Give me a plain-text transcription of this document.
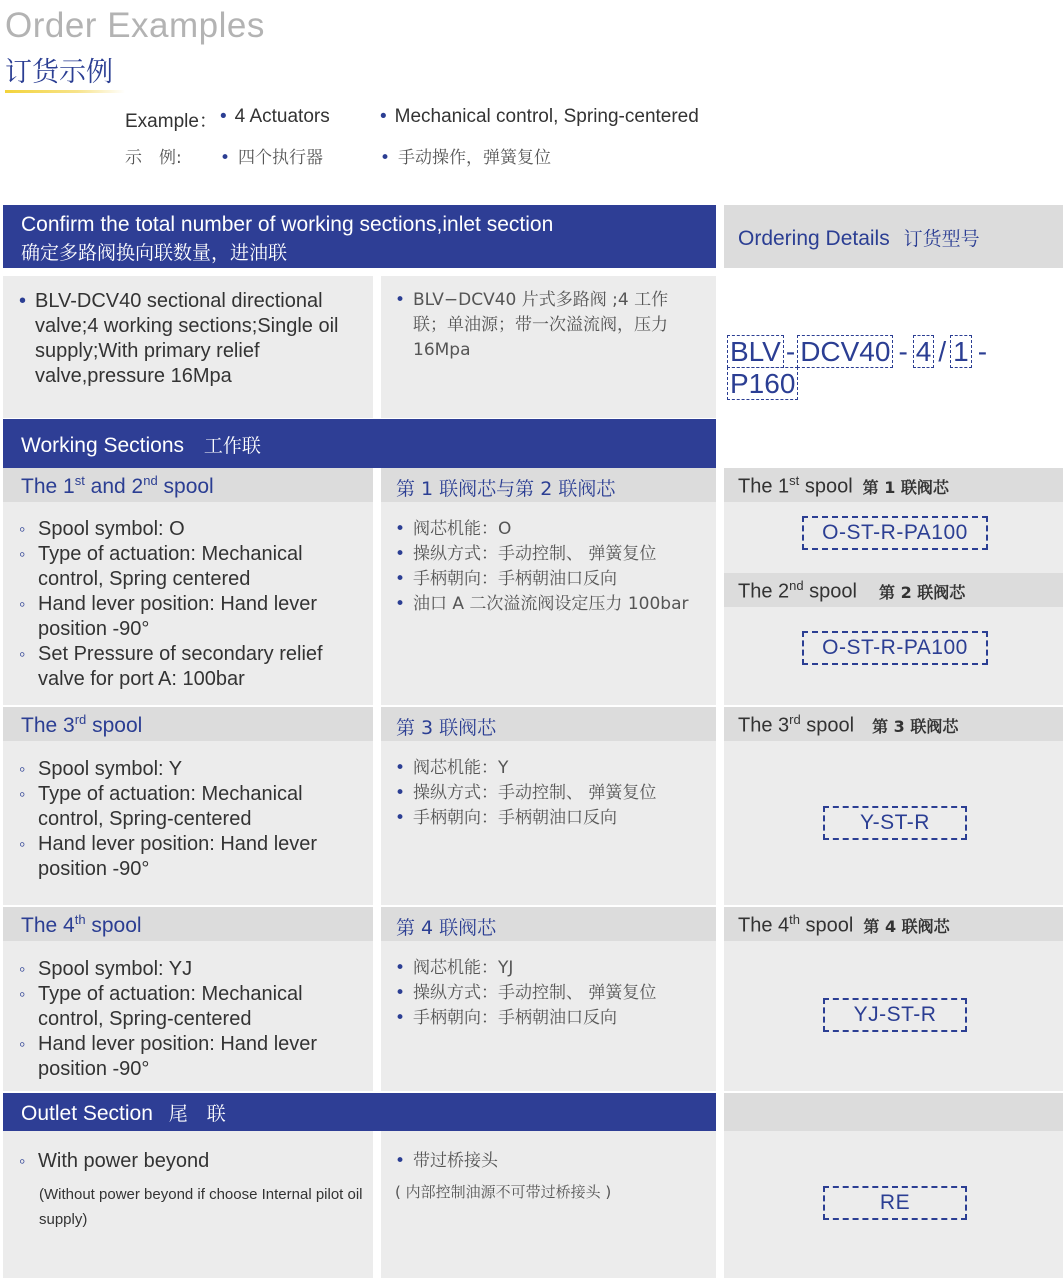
Order Examples
订货示例
Example： • 4 Actuators	• Mechanical control, Spring-centered
示　例: • 四个执行器	• 手动操作，弹簧复位
Confirm the total number of working sections,inlet section
确定多路阀换向联数量，进油联
Ordering Details 订货型号
• BLV-DCV40 sectional directional valve;4 working sections;Single oil supply;With primary relief valve,pressure 16Mpa
• BLV−DCV40 片式多路阀 ;4 工作联；单油源；带一次溢流阀，压力16Mpa	BLV - DCV40 - 4 / 1 -P160
Working Sections 工作联
The 1st and 2nd spool	第 1 联阀芯与第 2 联阀芯
◦ Spool symbol: O
◦ Type of actuation: Mechanical control, Spring centered
◦ Hand lever position: Hand lever position -90°
◦ Set Pressure of secondary relief valve for port A: 100bar
• 阀芯机能：O
• 操纵方式：手动控制、 弹簧复位
• 手柄朝向：手柄朝油口反向
• 油口 A 二次溢流阀设定压力 100bar
The 1st spool 第 1 联阀芯
O-ST-R-PA100
The 2nd spool 第 2 联阀芯
O-ST-R-PA100
The 3rd spool	第 3 联阀芯
◦ Spool symbol: Y
◦ Type of actuation: Mechanical control, Spring-centered
◦ Hand lever position: Hand lever position -90°
• 阀芯机能：Y
• 操纵方式：手动控制、 弹簧复位
• 手柄朝向：手柄朝油口反向
The 3rd spool 第 3 联阀芯
Y-ST-R
The 4th spool	第 4 联阀芯
◦ Spool symbol: YJ
◦ Type of actuation: Mechanical control, Spring-centered
◦ Hand lever position: Hand lever position -90°
• 阀芯机能：YJ
• 操纵方式：手动控制、 弹簧复位
• 手柄朝向：手柄朝油口反向
The 4th spool 第 4 联阀芯
YJ-ST-R
Outlet Section 尾　联
◦ With power beyond
(Without power beyond if choose Internal pilot oil supply)
• 带过桥接头
( 内部控制油源不可带过桥接头 )	RE
